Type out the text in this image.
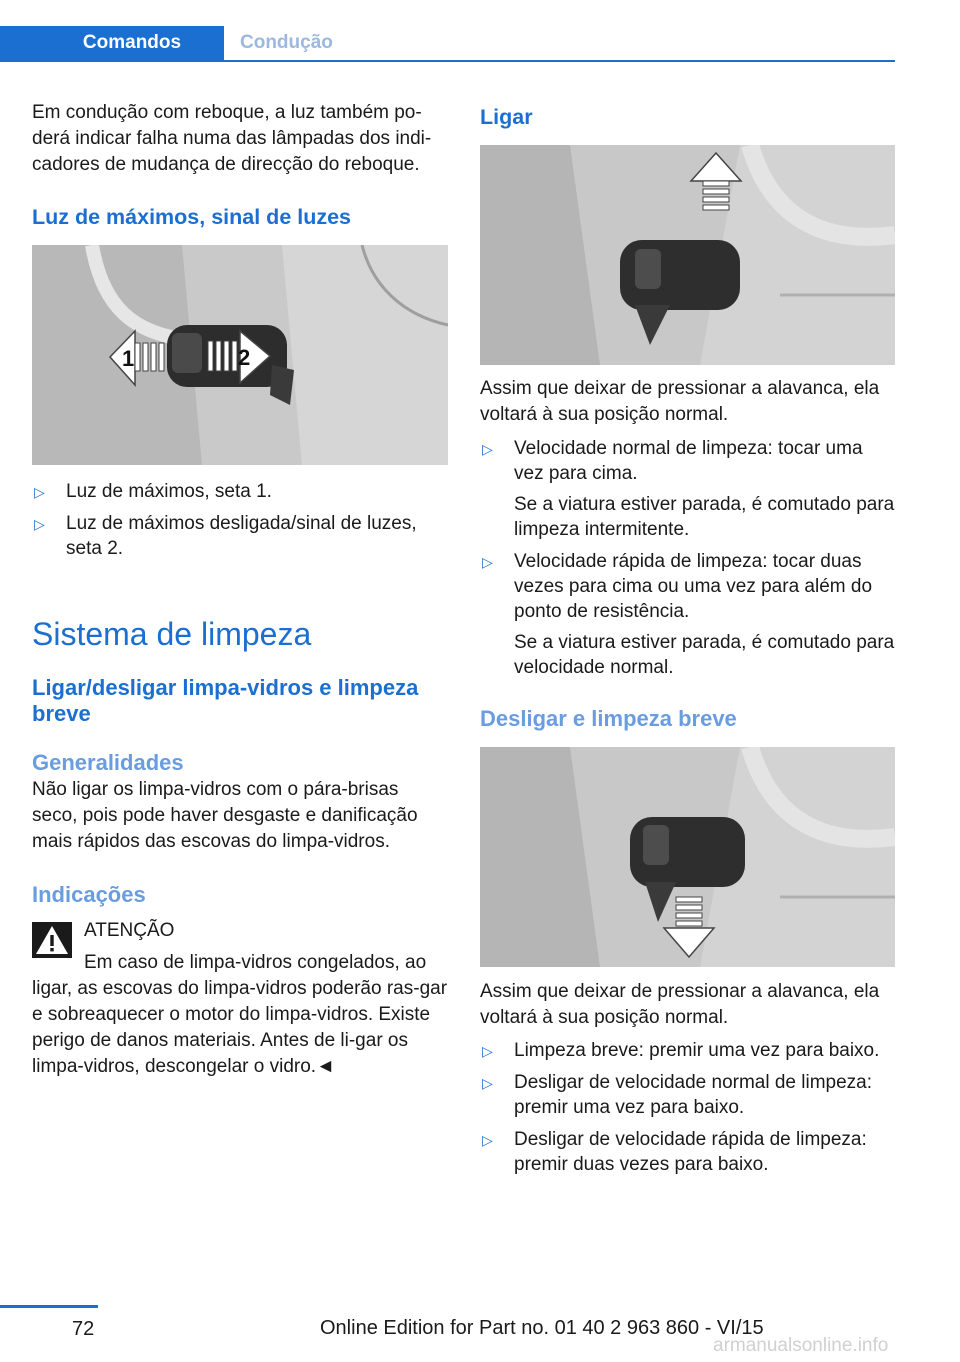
Comandos	Condução

Em condução com reboque, a luz também po-derá indicar falha numa das lâmpadas dos indi-cadores de mudança de direcção do reboque.

Luz de máximos, sinal de luzes
1	2
▷ Luz de máximos, seta 1.
▷ Luz de máximos desligada/sinal de luzes, seta 2.
Sistema de limpeza
Ligar/desligar limpa-vidros e limpeza breve
Generalidades

Não ligar os limpa-vidros com o pára-brisas seco, pois pode haver desgaste e danificação mais rápidos das escovas do limpa-vidros.

Indicações

ATENÇÃO

Em caso de limpa-vidros congelados, ao ligar, as escovas do limpa-vidros poderão ras-gar e sobreaquecer o motor do limpa-vidros. Existe perigo de danos materiais. Antes de li-gar os limpa-vidros, descongelar o vidro.◄

Ligar

Assim que deixar de pressionar a alavanca, ela voltará à sua posição normal.

▷ Velocidade normal de limpeza: tocar uma vez para cima.
Se a viatura estiver parada, é comutado para limpeza intermitente.
▷ Velocidade rápida de limpeza: tocar duas vezes para cima ou uma vez para além do ponto de resistência.
Se a viatura estiver parada, é comutado para velocidade normal.
Desligar e limpeza breve

Assim que deixar de pressionar a alavanca, ela voltará à sua posição normal.

▷ Limpeza breve: premir uma vez para baixo.
▷ Desligar de velocidade normal de limpeza: premir uma vez para baixo.
▷ Desligar de velocidade rápida de limpeza: premir duas vezes para baixo.
72	Online Edition for Part no. 01 40 2 963 860 - VI/15
armanualsonline.info
